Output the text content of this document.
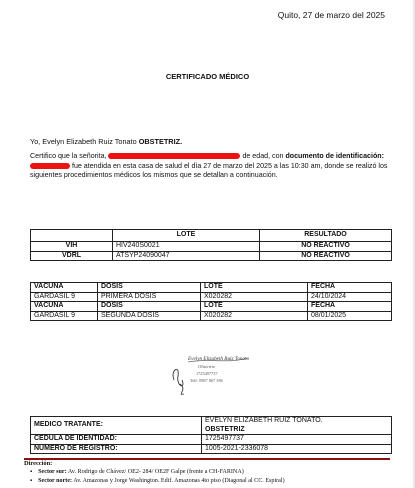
Quito, 27 de marzo del 2025
CERTIFICADO MÉDICO
Yo, Evelyn Elizabeth Ruiz Tonato OBSTETRIZ.
Certifico que la señorita,	de edad, con documento de identificación:  fue atendida en esta casa de salud el día 27 de marzo del 2025 a las 10:30 am, donde se realizó los siguientes procedimientos médicos los mismos que se detallan a continuación.
	LOTE	RESULTADO
VIH	HIV240S0021	NO REACTIVO
VDRL	ATSYP24090047	NO REACTIVO
VACUNA	DOSIS	LOTE	FECHA
GARDASIL 9	PRIMERA DOSIS	X020282	24/10/2024
VACUNA	DOSIS	LOTE	FECHA
GARDASIL 9	SEGUNDA DOSIS	X020282	08/01/2025
Evelyn Elizabeth Ruiz Tonato
Obstetriz
1725497737
Telf: 0987 867 386
MEDICO TRATANTE:	EVELYN ELIZABETH RUIZ TONATO.
OBSTETRIZ

CEDULA DE IDENTIDAD:	1725497737
NUMERO DE REGISTRO:	1005-2021-2336078
Dirección:
▪ Sector sur: Av. Rodrigo de Chávez/ OE2- 284/ OE2F Galpe (frente a CH-FARINA)
▪ Sector norte: Av. Amazonas y Jorge Washington. Edif. Amazonas 4to piso (Diagonal al CC. Espiral)
